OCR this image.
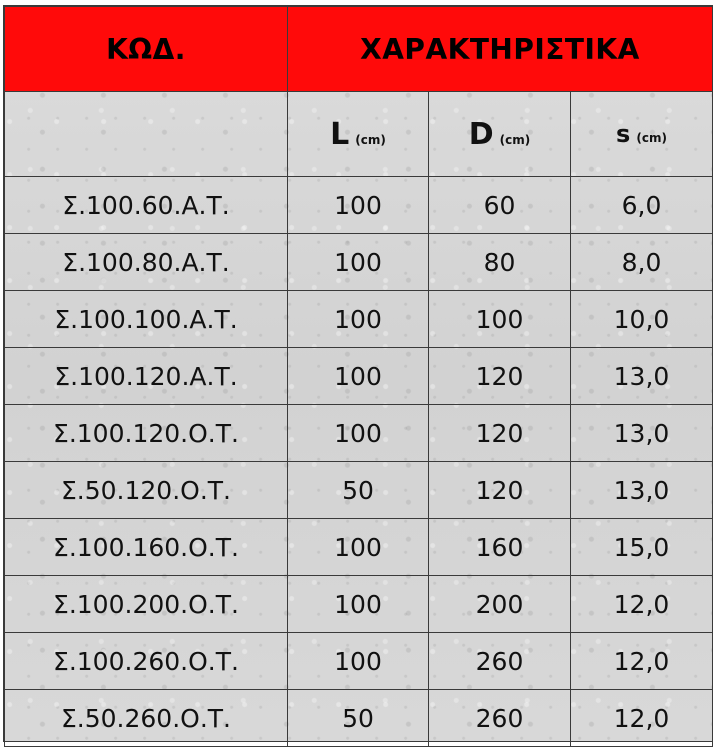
ΚΩΔ.	ΧΑΡΑΚΤΗΡΙΣΤΙΚΑ		
	L (cm)	D (cm)	s (cm)
Σ.100.60.Α.Τ.	100	60	6,0
Σ.100.80.Α.Τ.	100	80	8,0
Σ.100.100.Α.Τ.	100	100	10,0
Σ.100.120.Α.Τ.	100	120	13,0
Σ.100.120.Ο.Τ.	100	120	13,0
Σ.50.120.Ο.Τ.	50	120	13,0
Σ.100.160.Ο.Τ.	100	160	15,0
Σ.100.200.Ο.Τ.	100	200	12,0
Σ.100.260.Ο.Τ.	100	260	12,0
Σ.50.260.Ο.Τ.	50	260	12,0
